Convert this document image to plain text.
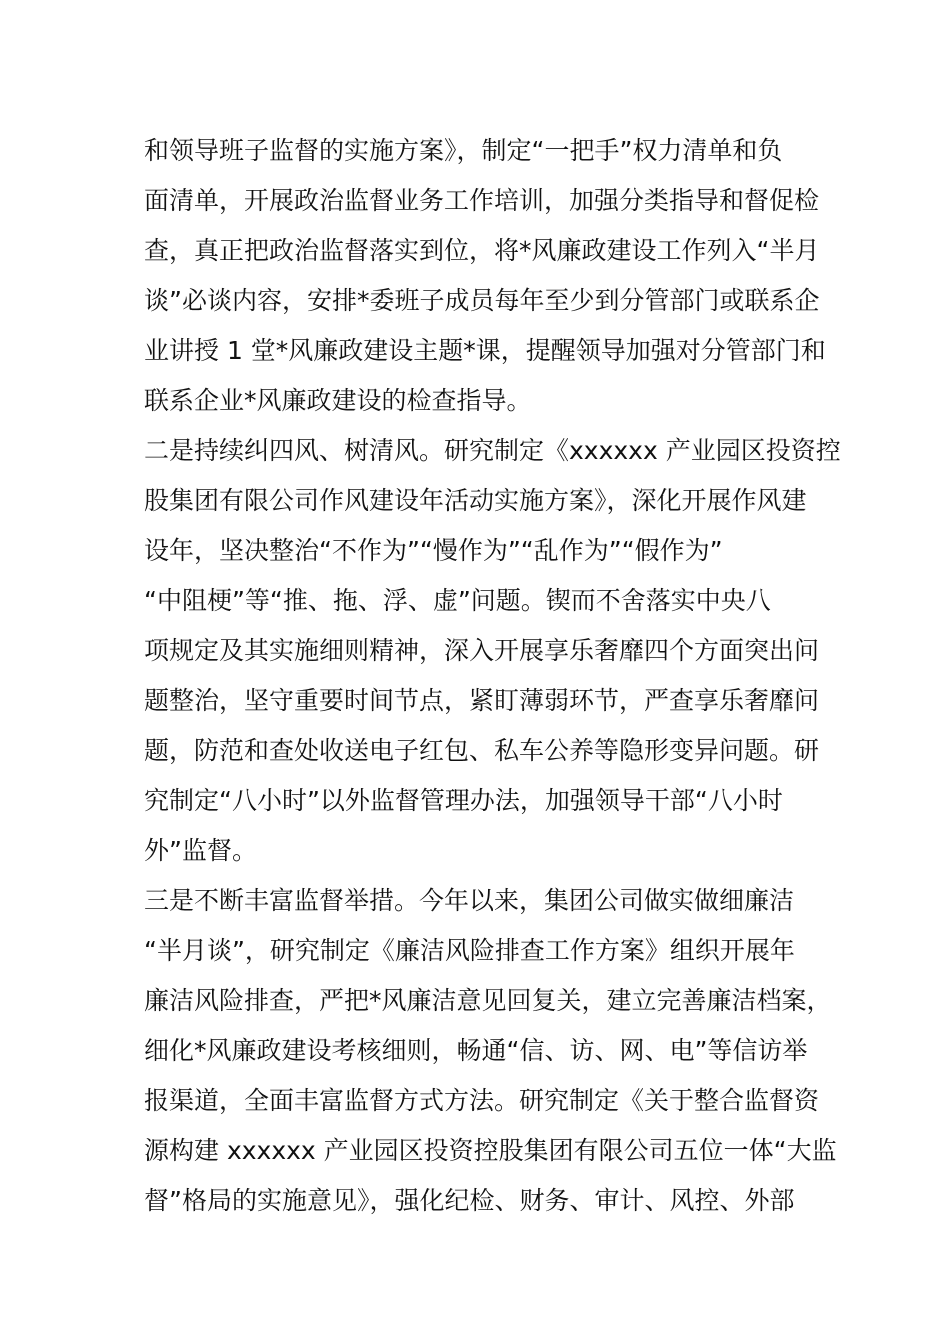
和领导班子监督的实施方案》，制定“一把手”权力清单和负
面清单，开展政治监督业务工作培训，加强分类指导和督促检
查，真正把政治监督落实到位，将*风廉政建设工作列入“半月
谈”必谈内容，安排*委班子成员每年至少到分管部门或联系企
业讲授 1 堂*风廉政建设主题*课，提醒领导加强对分管部门和
联系企业*风廉政建设的检查指导。
二是持续纠四风、树清风。研究制定《xxxxxx 产业园区投资控
股集团有限公司作风建设年活动实施方案》，深化开展作风建
设年，坚决整治“不作为”“慢作为”“乱作为”“假作为”
“中阻梗”等“推、拖、浮、虚”问题。锲而不舍落实中央八
项规定及其实施细则精神，深入开展享乐奢靡四个方面突出问
题整治，坚守重要时间节点，紧盯薄弱环节，严查享乐奢靡问
题，防范和查处收送电子红包、私车公养等隐形变异问题。研
究制定“八小时”以外监督管理办法，加强领导干部“八小时
外”监督。
三是不断丰富监督举措。今年以来，集团公司做实做细廉洁
“半月谈”，研究制定《廉洁风险排查工作方案》组织开展年
廉洁风险排查，严把*风廉洁意见回复关，建立完善廉洁档案，
细化*风廉政建设考核细则，畅通“信、访、网、电”等信访举
报渠道，全面丰富监督方式方法。研究制定《关于整合监督资
源构建 xxxxxx 产业园区投资控股集团有限公司五位一体“大监
督”格局的实施意见》，强化纪检、财务、审计、风控、外部
